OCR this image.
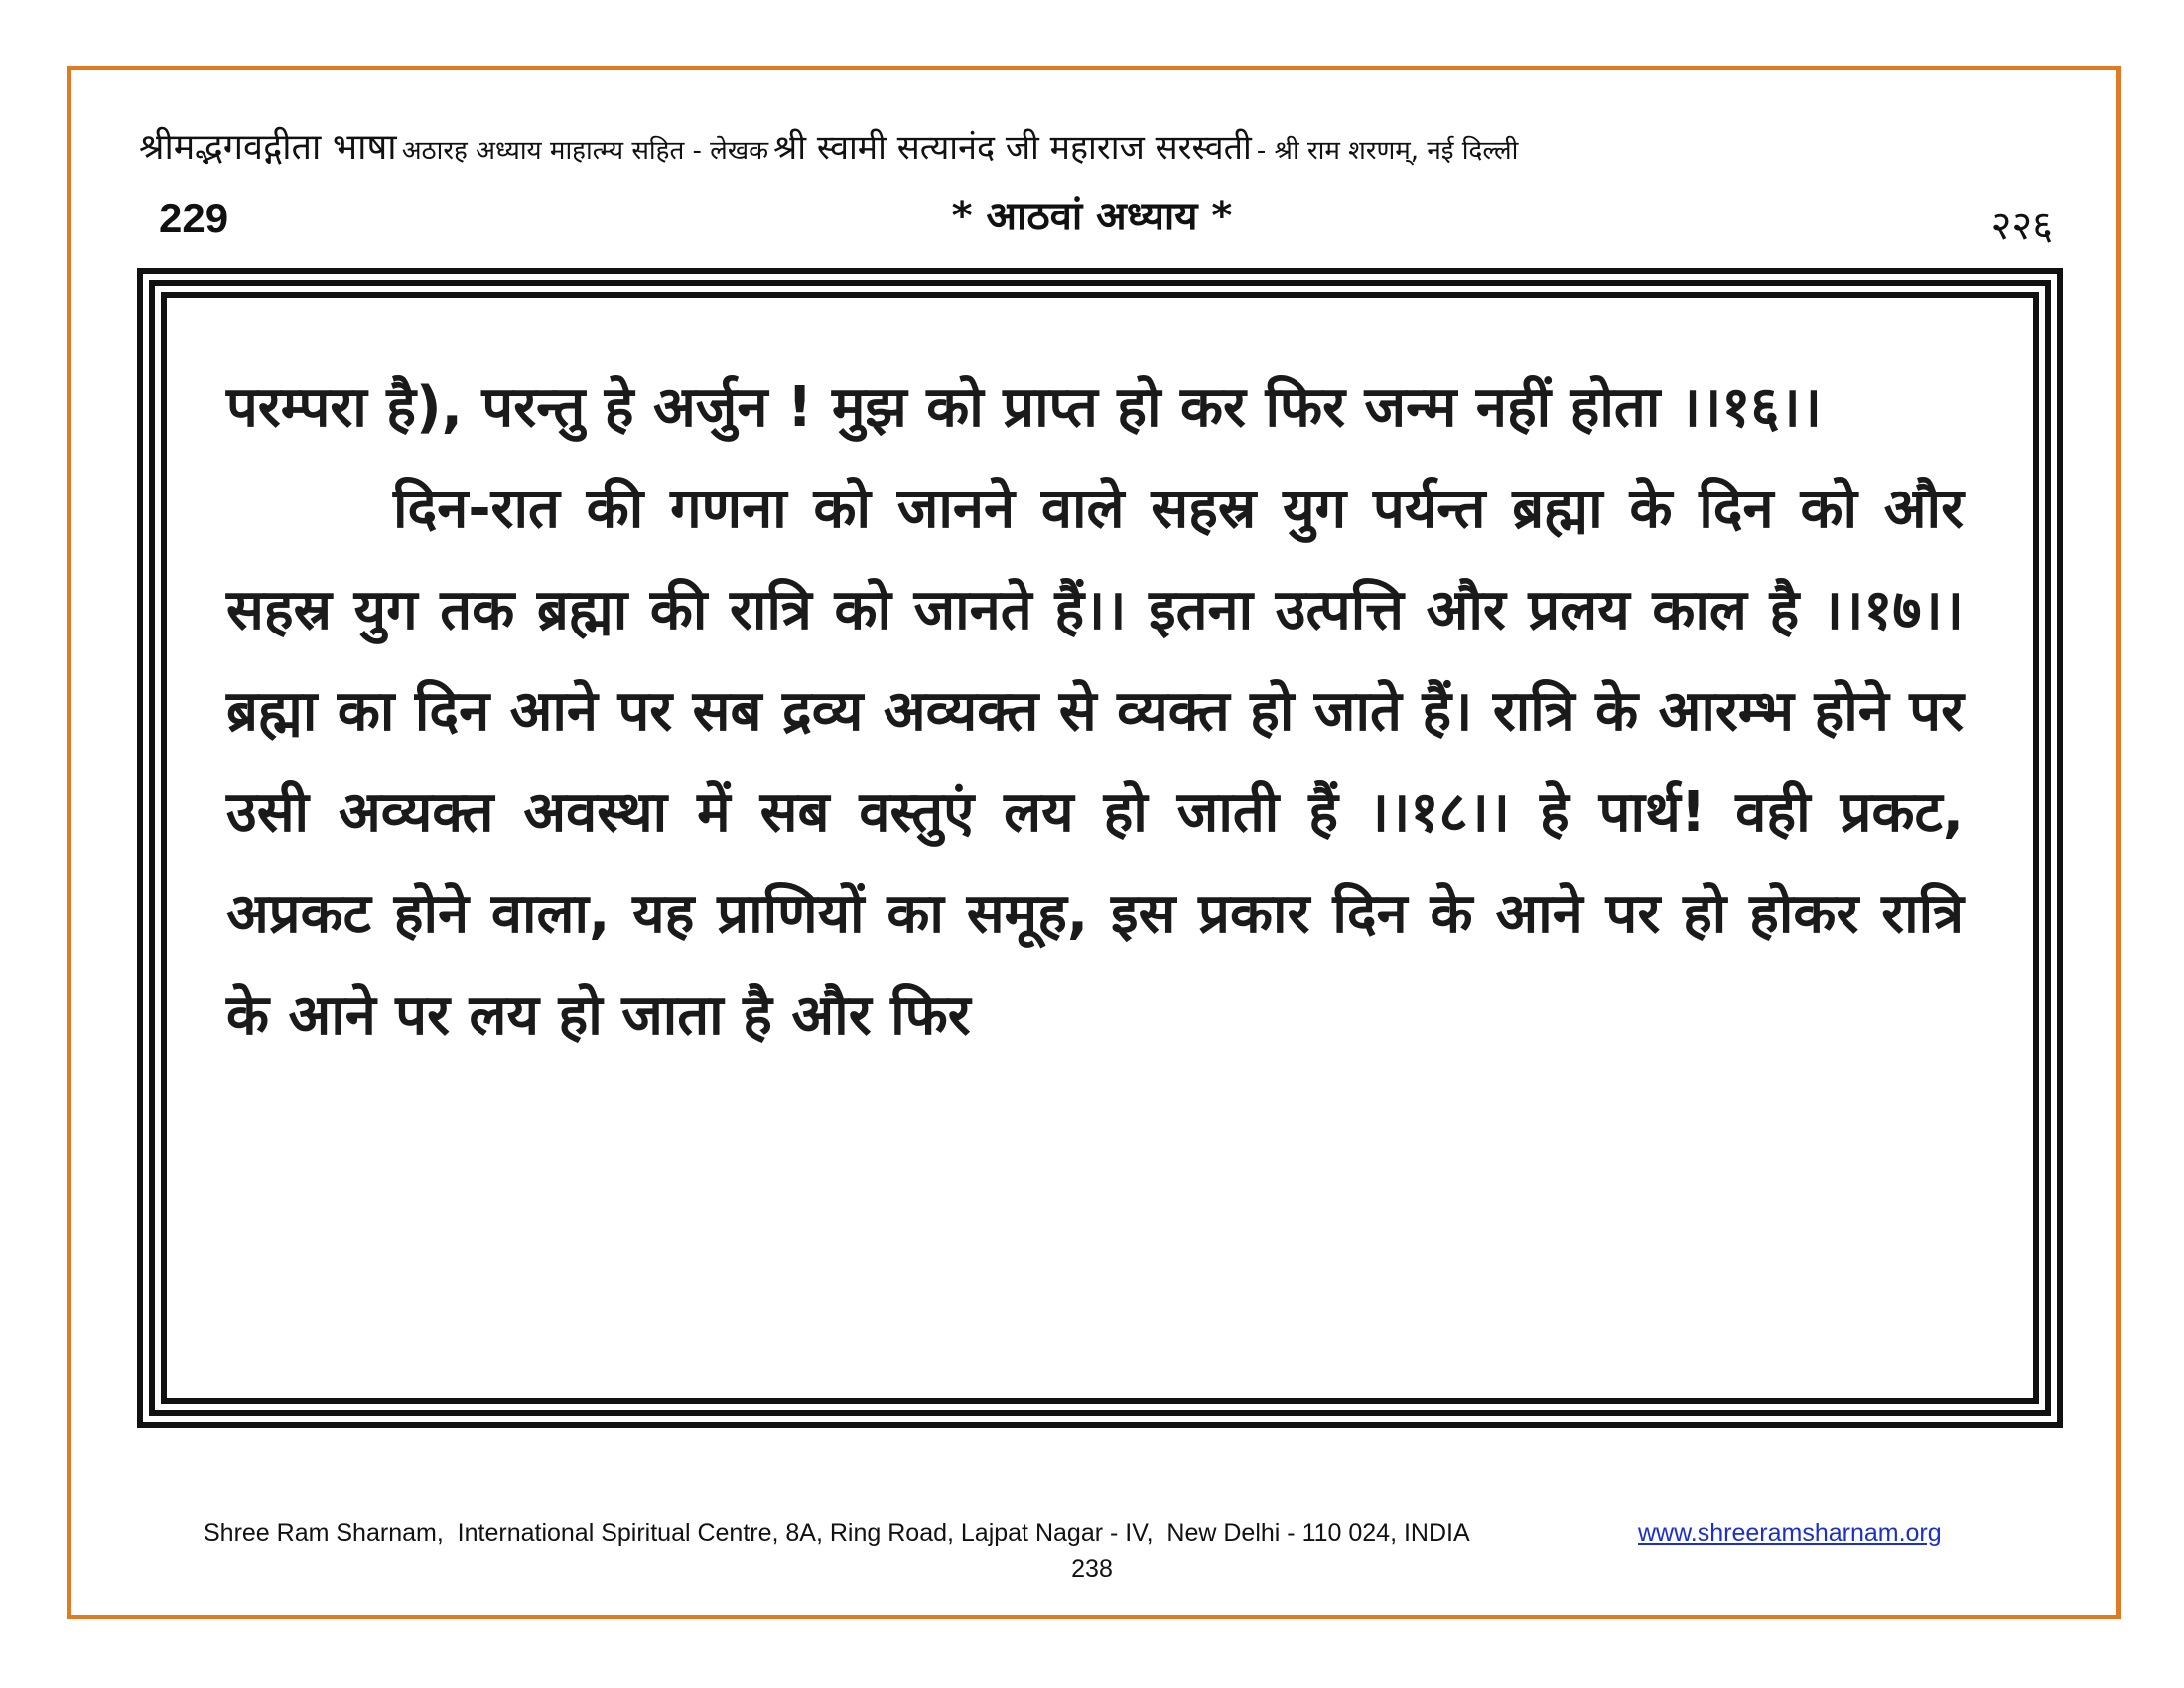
श्रीमद्भगवद्गीता भाषा अठारह अध्याय माहात्म्य सहित - लेखक श्री स्वामी सत्यानंद जी महाराज सरस्वती - श्री राम शरणम्, नई दिल्ली
229	* आठवां अध्याय *	२२६

परम्परा है), परन्तु हे अर्जुन ! मुझ को प्राप्त हो कर फिर जन्म नहीं होता ।।१६।।

दिन-रात की गणना को जानने वाले सहस्र युग पर्यन्त ब्रह्मा के दिन को और सहस्र युग तक ब्रह्मा की रात्रि को जानते हैं।। इतना उत्पत्ति और प्रलय काल है ।।१७।। ब्रह्मा का दिन आने पर सब द्रव्य अव्यक्त से व्यक्त हो जाते हैं। रात्रि के आरम्भ होने पर उसी अव्यक्त अवस्था में सब वस्तुएं लय हो जाती हैं ।।१८।। हे पार्थ! वही प्रकट, अप्रकट होने वाला, यह प्राणियों का समूह, इस प्रकार दिन के आने पर हो होकर रात्रि के आने पर लय हो जाता है और फिर

Shree Ram Sharnam,  International Spiritual Centre, 8A, Ring Road, Lajpat Nagar - IV,  New Delhi - 110 024, INDIA	www.shreeramsharnam.org
238
